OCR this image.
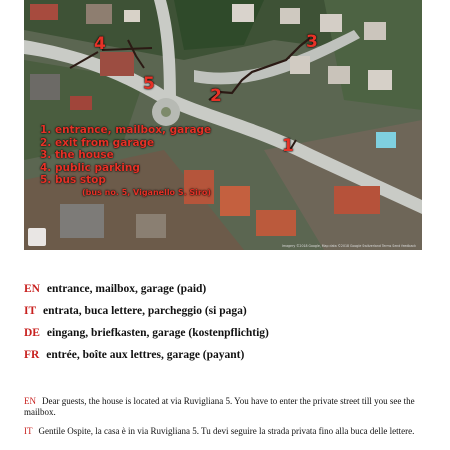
1. entrance, mailbox, garage
2. exit from garage
3. the house
4. public parking
5. bus stop
(bus no. 5, Viganello S. Siro)
1
2
3
4
5
Imagery ©2018 Google, Map data ©2018 Google Switzerland Terms Send feedback
EN entrance, mailbox, garage (paid)
IT entrata, buca lettere, parcheggio (si paga)
DE eingang, briefkasten, garage (kostenpflichtig)
FR entrée, boîte aux lettres, garage (payant)
EN Dear guests, the house is located at via Ruvigliana 5. You have to enter the private street till you see the mailbox.
IT Gentile Ospite, la casa è in via Ruvigliana 5. Tu devi seguire la strada privata fino alla buca delle lettere.
